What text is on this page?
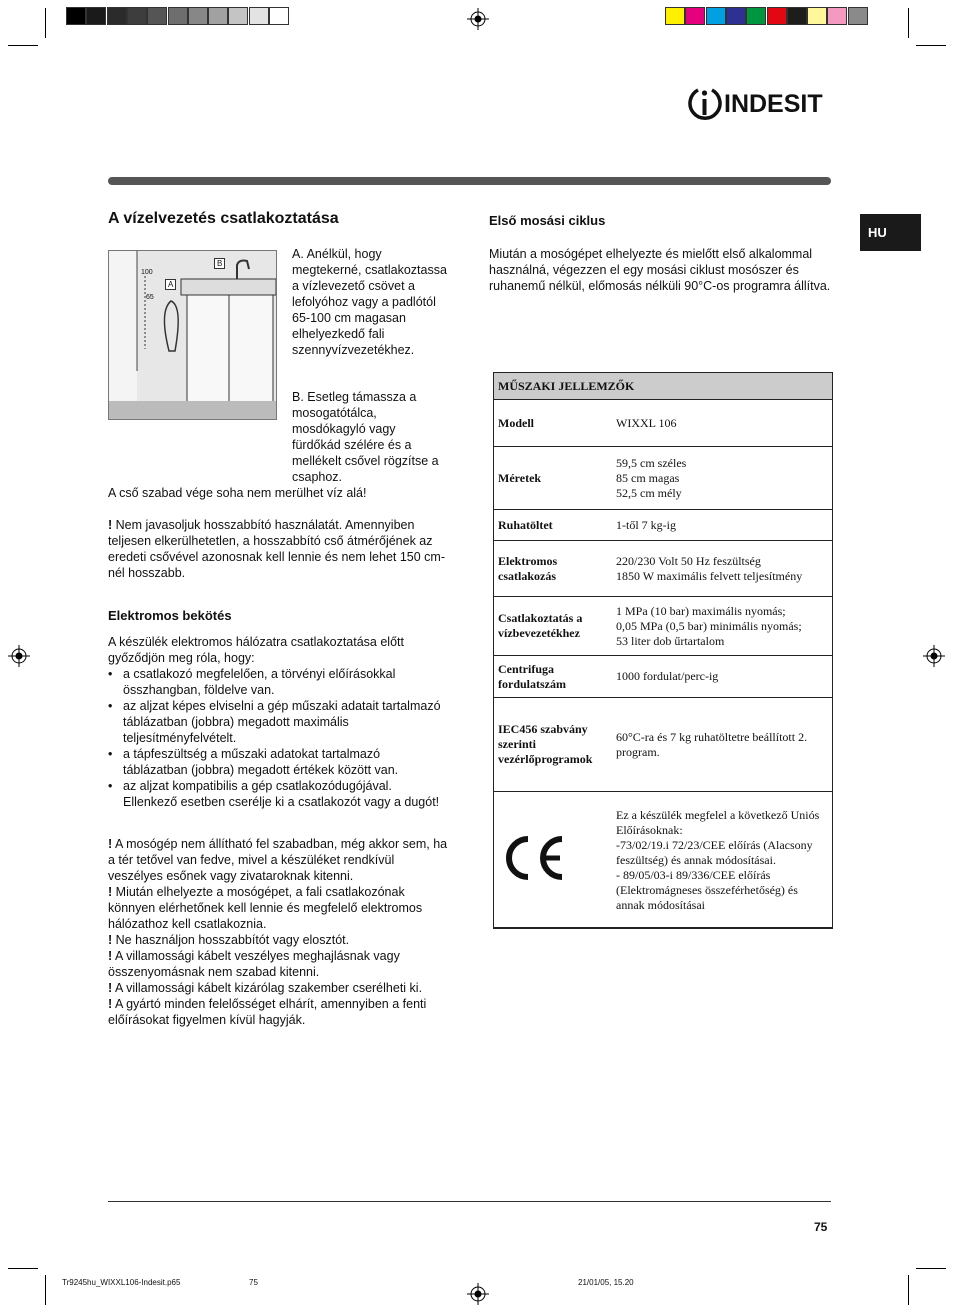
INDESIT
HU
A vízelvezetés csatlakoztatása
B
A
100
65
A. Anélkül, hogy megtekerné, csatlakoztassa a vízlevezető csövet a lefolyóhoz vagy a padlótól 65-100 cm magasan elhelyezkedő fali szennyvízvezetékhez.
B. Esetleg támassza a mosogatótálca, mosdókagyló vagy fürdőkád szélére és a mellékelt csővel rögzítse a csaphoz.
A cső szabad vége soha nem merülhet víz alá!
! Nem javasoljuk hosszabbító használatát. Amennyiben teljesen elkerülhetetlen, a hosszabbító cső átmérőjének az eredeti csővével azonosnak kell lennie és nem lehet 150 cm-nél hosszabb.
Elektromos bekötés
A készülék elektromos hálózatra csatlakoztatása előtt győződjön meg róla, hogy:
• a csatlakozó megfelelően, a törvényi előírásokkal összhangban, földelve van.
• az aljzat képes elviselni a gép műszaki adatait tartalmazó táblázatban (jobbra) megadott maximális teljesítményfelvételt.
• a tápfeszültség a műszaki adatokat tartalmazó táblázatban (jobbra) megadott értékek között van.
• az aljzat kompatibilis a gép csatlakozódugójával. Ellenkező esetben cserélje ki a csatlakozót vagy a dugót!

! A mosógép nem állítható fel szabadban, még akkor sem, ha a tér tetővel van fedve, mivel a készüléket rendkívül veszélyes esőnek vagy zivataroknak kitenni.

! Miután elhelyezte a mosógépet, a fali csatlakozónak könnyen elérhetőnek kell lennie és megfelelő elektromos hálózathoz kell csatlakoznia.

! Ne használjon hosszabbítót vagy elosztót.

! A villamossági kábelt veszélyes meghajlásnak vagy összenyomásnak nem szabad kitenni.

! A villamossági kábelt kizárólag szakember cserélheti ki.

! A gyártó minden felelősséget elhárít, amennyiben a fenti előírásokat figyelmen kívül hagyják.

Első mosási ciklus
Miután a mosógépet elhelyezte és mielőtt első alkalommal használná, végezzen el egy mosási ciklust mosószer és ruhanemű nélkül, előmosás nélküli 90°C-os programra állítva.
MŰSZAKI JELLEMZŐK	
Modell	WIXXL 106
Méretek	59,5 cm széles
85 cm magas
52,5 cm mély

Ruhatöltet	1-től 7 kg-ig
Elektromos csatlakozás	220/230 Volt 50 Hz feszültség
1850 W maximális felvett teljesítmény

Csatlakoztatás a vízbevezetékhez	1 MPa (10 bar) maximális nyomás;
0,05 MPa (0,5 bar) minimális nyomás;
53 liter dob űrtartalom

Centrifuga fordulatszám	1000 fordulat/perc-ig
IEC456 szabvány szerinti vezérlőprogramok	60°C-ra és 7 kg ruhatöltetre beállított 2. program.

Ez a készülék megfelel a következő Uniós Előírásoknak:
-73/02/19.i 72/23/CEE előírás (Alacsony feszültség) és annak módosításai.
- 89/05/03-i 89/336/CEE előírás (Elektromágneses összeférhetőség) és annak módosításai
75
Tr9245hu_WIXXL106-Indesit.p65	75	21/01/05, 15.20
